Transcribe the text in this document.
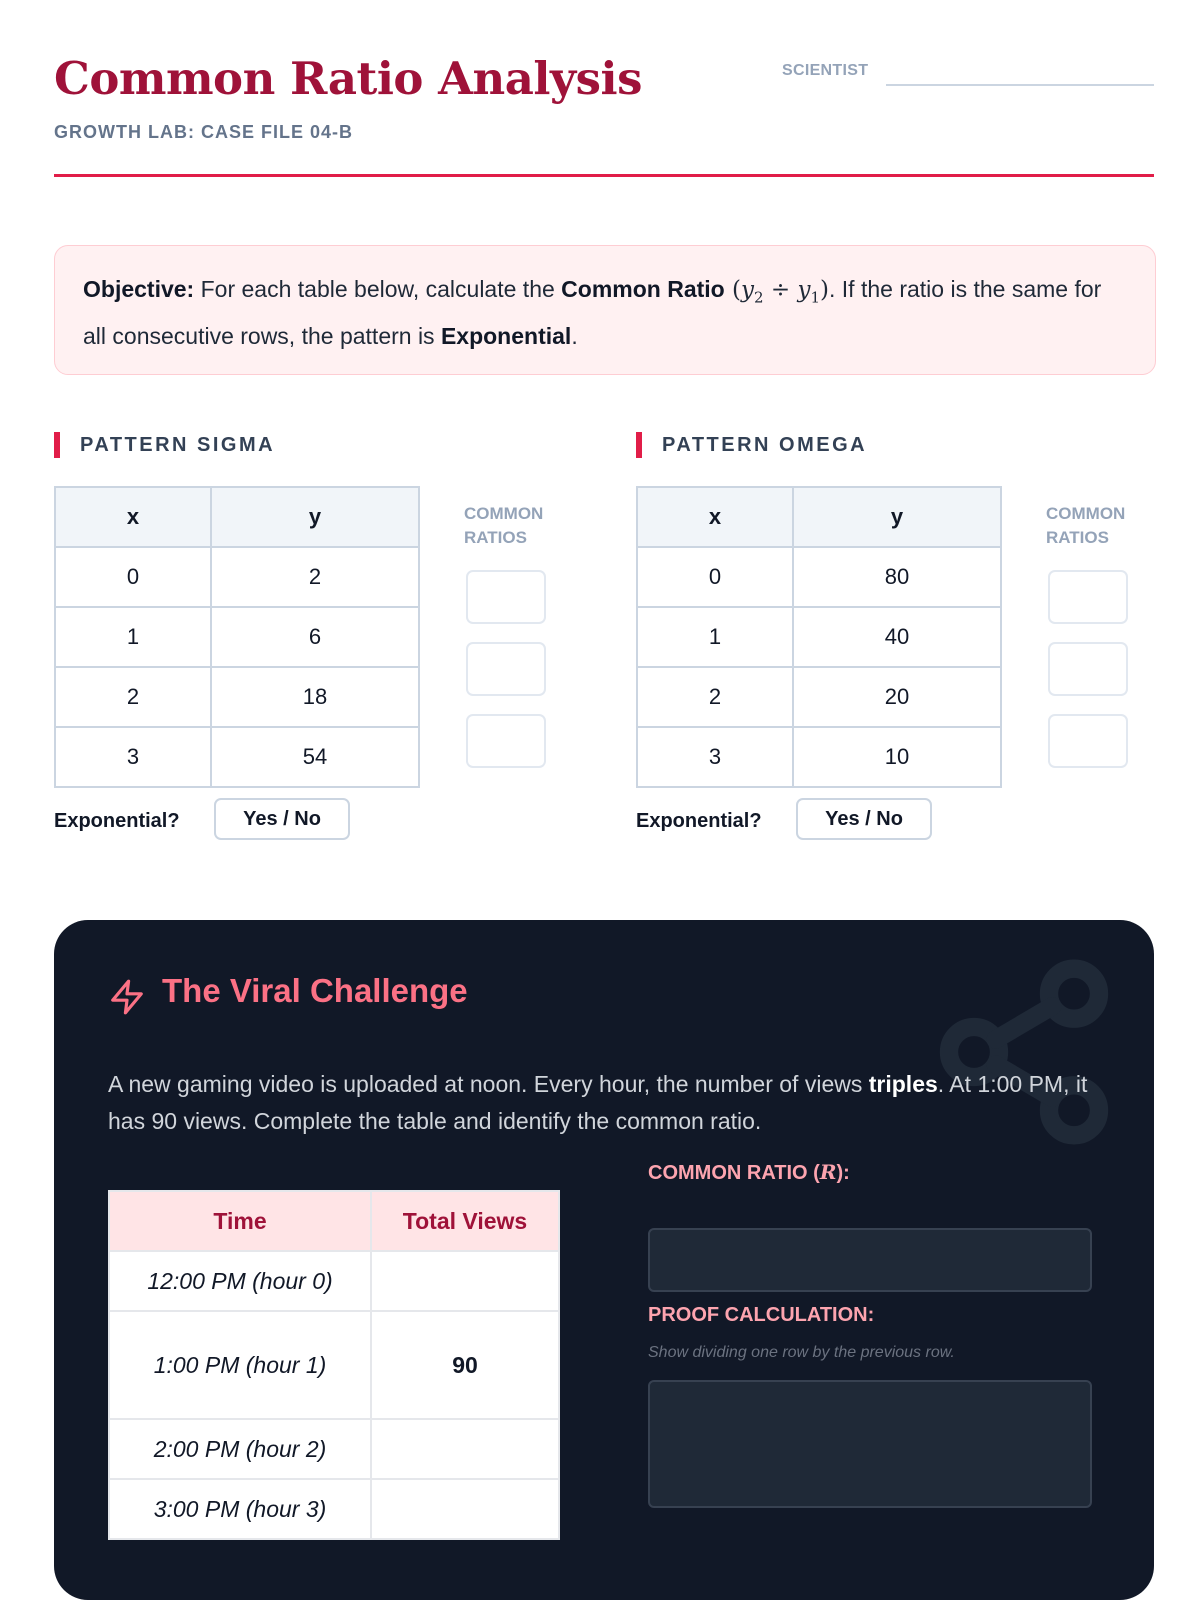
Common Ratio Analysis
GROWTH LAB: CASE FILE 04-B
SCIENTIST
Objective: For each table below, calculate the Common Ratio $(y_2 \div y_1)$. If the ratio is the same for all consecutive rows, the pattern is Exponential.
PATTERN SIGMA
x	y
0	2
1	6
2	18
3	54
COMMON
RATIOS
Exponential?	Yes / No
PATTERN OMEGA
x	y
0	80
1	40
2	20
3	10
COMMON
RATIOS
Exponential?	Yes / No
The Viral Challenge
A new gaming video is uploaded at noon. Every hour, the number of views triples. At 1:00 PM, it has 90 views. Complete the table and identify the common ratio.
Time	Total Views
12:00 PM (hour 0)	
1:00 PM (hour 1)	90
2:00 PM (hour 2)	
3:00 PM (hour 3)	
COMMON RATIO (R):
PROOF CALCULATION:
Show dividing one row by the previous row.
